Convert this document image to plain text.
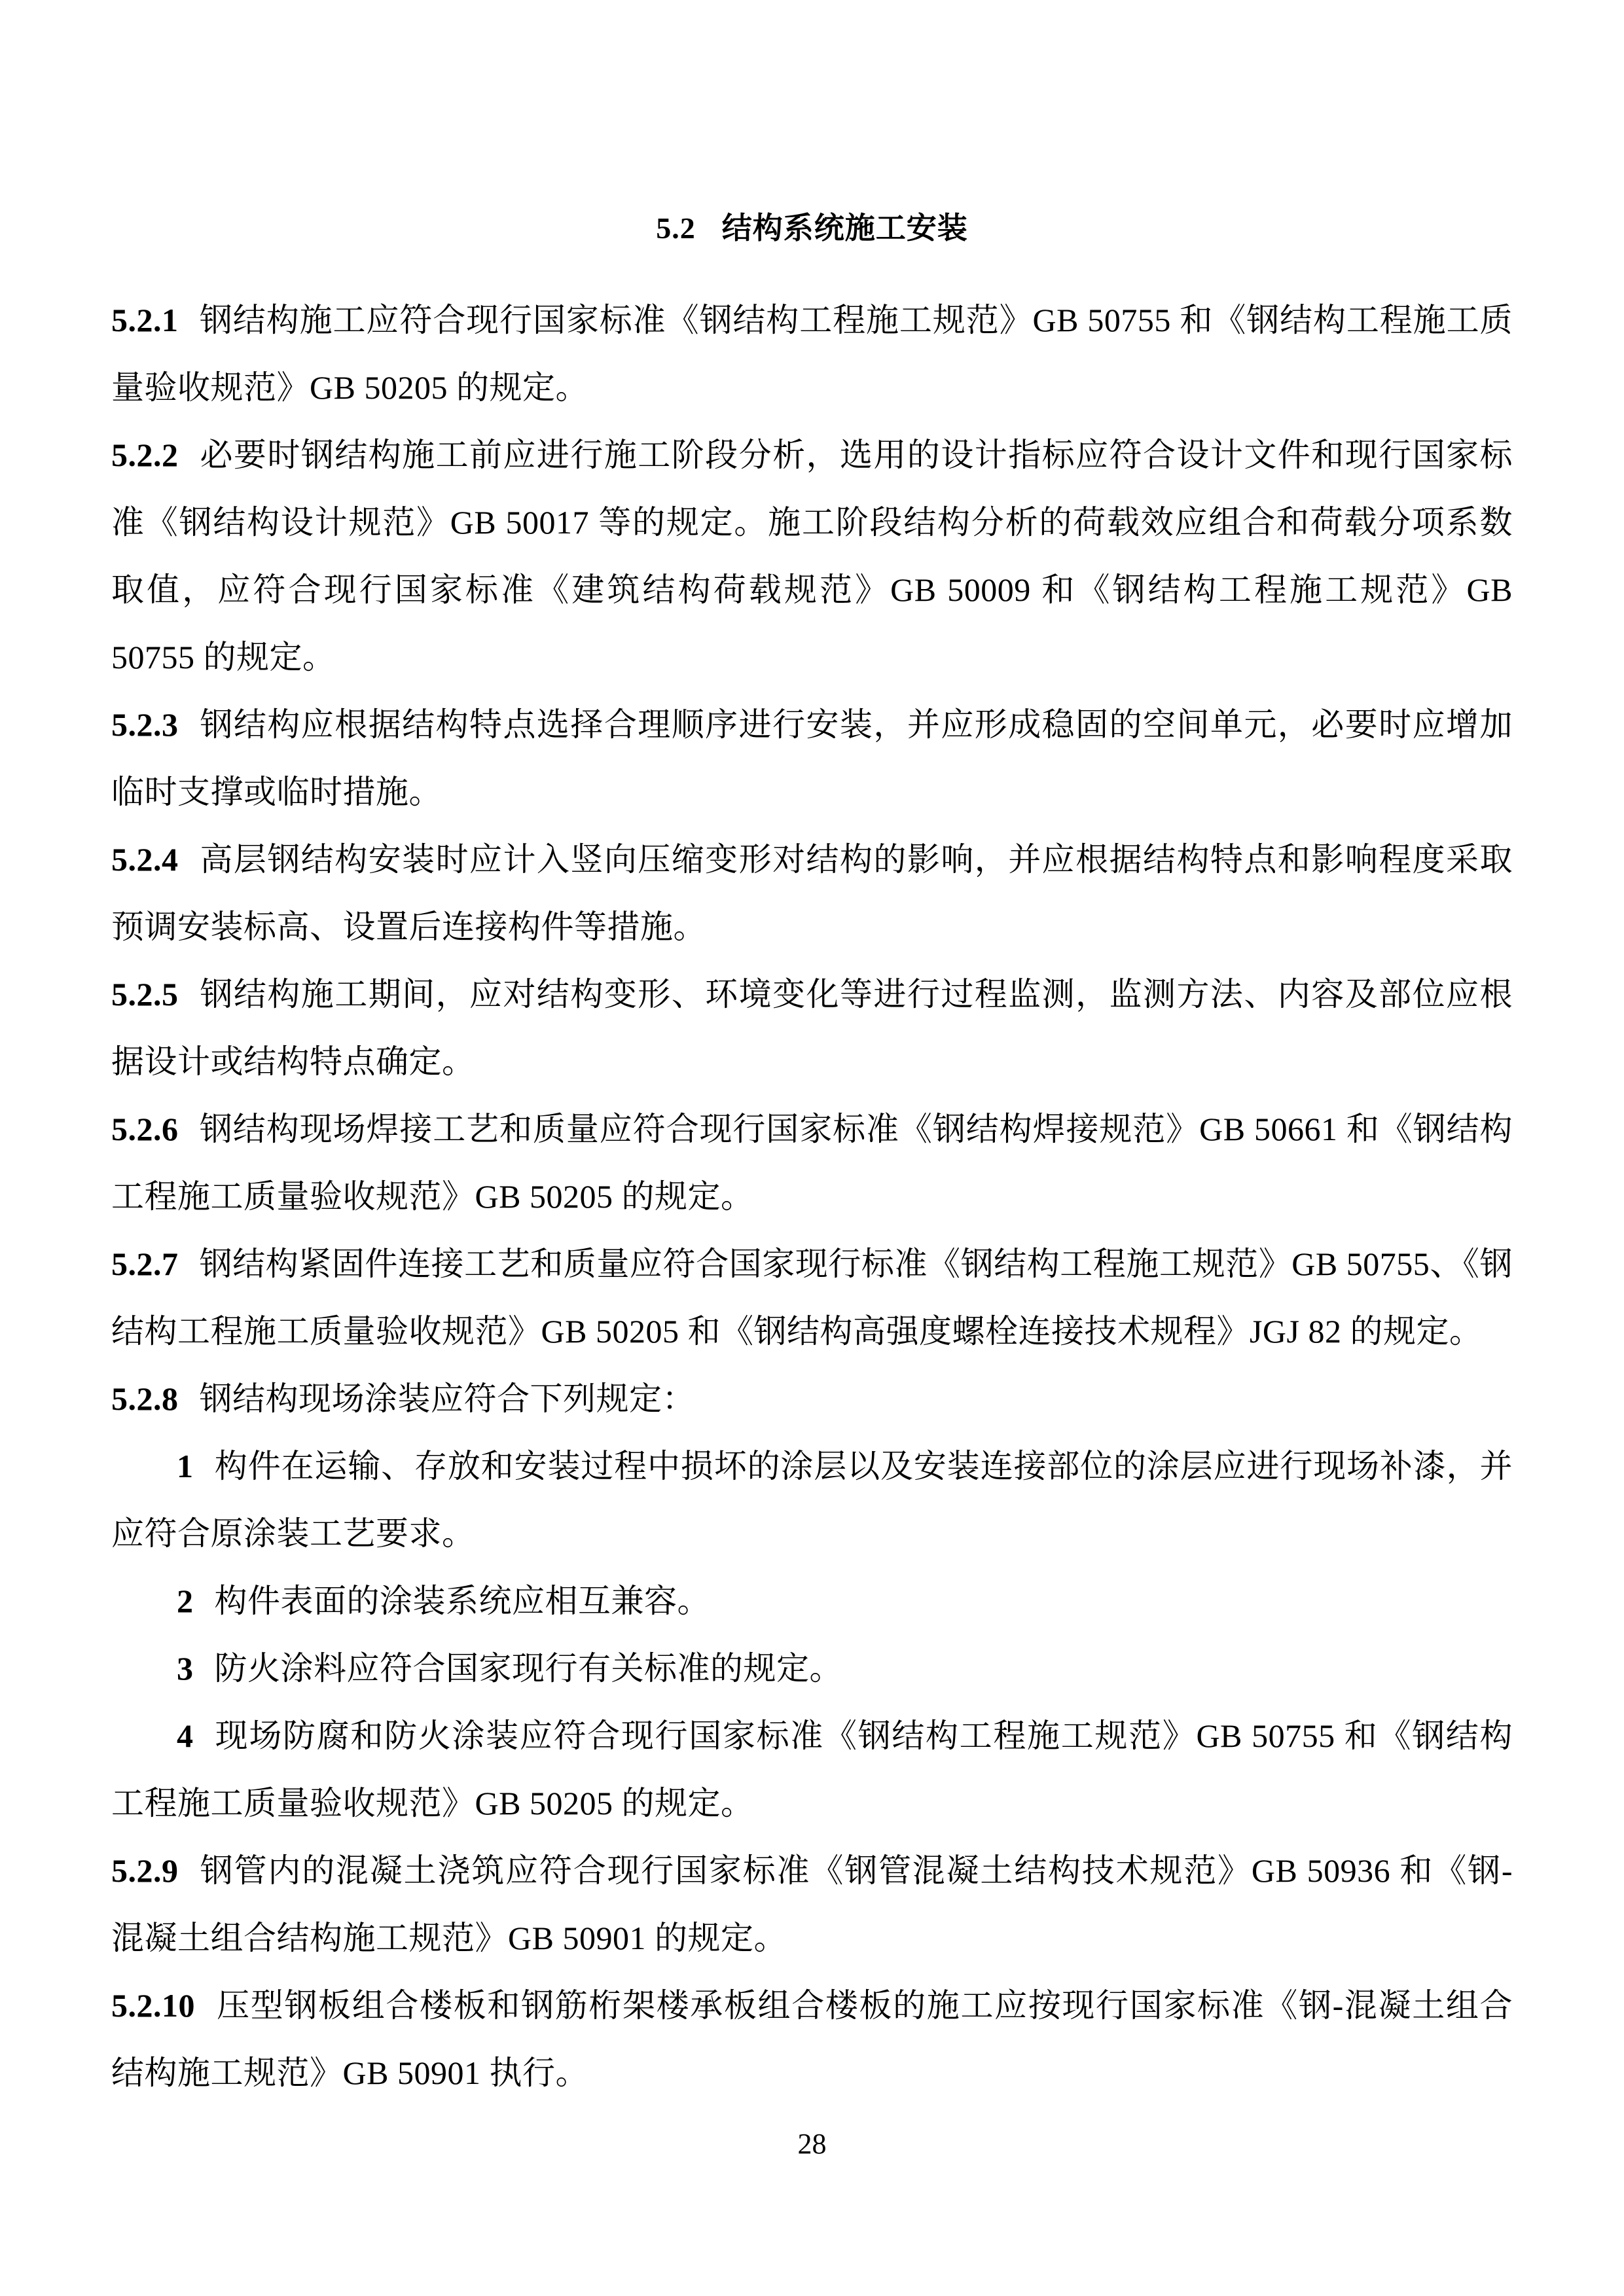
5.2 结构系统施工安装

5.2.1 钢结构施工应符合现行国家标准《钢结构工程施工规范》GB 50755 和《钢结构工程施工质量验收规范》GB 50205 的规定。

5.2.2 必要时钢结构施工前应进行施工阶段分析，选用的设计指标应符合设计文件和现行国家标准《钢结构设计规范》GB 50017 等的规定。施工阶段结构分析的荷载效应组合和荷载分项系数取值，应符合现行国家标准《建筑结构荷载规范》GB 50009 和《钢结构工程施工规范》GB 50755 的规定。

5.2.3 钢结构应根据结构特点选择合理顺序进行安装，并应形成稳固的空间单元，必要时应增加临时支撑或临时措施。

5.2.4 高层钢结构安装时应计入竖向压缩变形对结构的影响，并应根据结构特点和影响程度采取预调安装标高、设置后连接构件等措施。

5.2.5 钢结构施工期间，应对结构变形、环境变化等进行过程监测，监测方法、内容及部位应根据设计或结构特点确定。

5.2.6 钢结构现场焊接工艺和质量应符合现行国家标准《钢结构焊接规范》GB 50661 和《钢结构工程施工质量验收规范》GB 50205 的规定。

5.2.7 钢结构紧固件连接工艺和质量应符合国家现行标准《钢结构工程施工规范》GB 50755、《钢结构工程施工质量验收规范》GB 50205 和《钢结构高强度螺栓连接技术规程》JGJ 82 的规定。

5.2.8 钢结构现场涂装应符合下列规定：

1 构件在运输、存放和安装过程中损坏的涂层以及安装连接部位的涂层应进行现场补漆，并应符合原涂装工艺要求。

2 构件表面的涂装系统应相互兼容。

3 防火涂料应符合国家现行有关标准的规定。

4 现场防腐和防火涂装应符合现行国家标准《钢结构工程施工规范》GB 50755 和《钢结构工程施工质量验收规范》GB 50205 的规定。

5.2.9 钢管内的混凝土浇筑应符合现行国家标准《钢管混凝土结构技术规范》GB 50936 和《钢-混凝土组合结构施工规范》GB 50901 的规定。

5.2.10 压型钢板组合楼板和钢筋桁架楼承板组合楼板的施工应按现行国家标准《钢-混凝土组合结构施工规范》GB 50901 执行。

28
